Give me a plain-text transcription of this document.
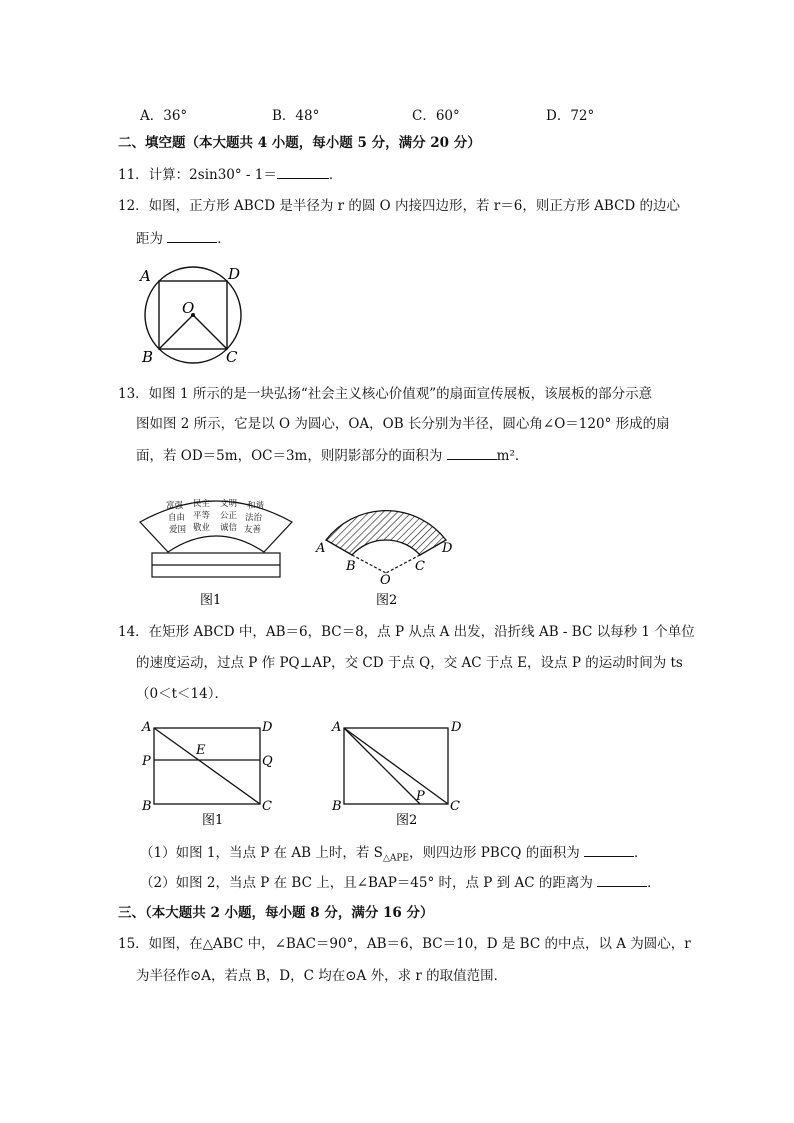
A．36°	B．48°	C．60°	D．72°
二、填空题（本大题共 4 小题，每小题 5 分，满分 20 分）
11．计算：2sin30° - 1＝	．
12．如图，正方形 ABCD 是半径为 r 的圆 O 内接四边形，若 r＝6，则正方形 ABCD 的边心
距为	．
A	D
O
B	C
13．如图 1 所示的是一块弘扬“社会主义核心价值观”的扇面宣传展板，该展板的部分示意
图如图 2 所示，它是以 O 为圆心，OA，OB 长分别为半径，圆心角∠O＝120° 形成的扇
面，若 OD＝5m，OC＝3m，则阴影部分的面积为	m²．
富强 民主 文明 和谐
自由 平等 公正 法治
爱国 敬业 诚信 友善
图1
A
B
O
C
D
图2
14．在矩形 ABCD 中，AB＝6，BC＝8，点 P 从点 A 出发，沿折线 AB - BC 以每秒 1 个单位
的速度运动，过点 P 作 PQ⊥AP，交 CD 于点 Q，交 AC 于点 E，设点 P 的运动时间为 ts
（0＜t＜14）．
A	D
E
P	Q
B	C
图1
A	D
P
B	C
图2
（1）如图 1，当点 P 在 AB 上时，若 $S_{\triangle APE}$，则四边形 PBCQ 的面积为	．
（2）如图 2，当点 P 在 BC 上，且∠BAP＝45° 时，点 P 到 AC 的距离为	．
三、（本大题共 2 小题，每小题 8 分，满分 16 分）
15．如图，在△ABC 中，∠BAC＝90°，AB＝6，BC＝10，D 是 BC 的中点，以 A 为圆心，r
为半径作⊙A，若点 B，D，C 均在⊙A 外，求 r 的取值范围．
